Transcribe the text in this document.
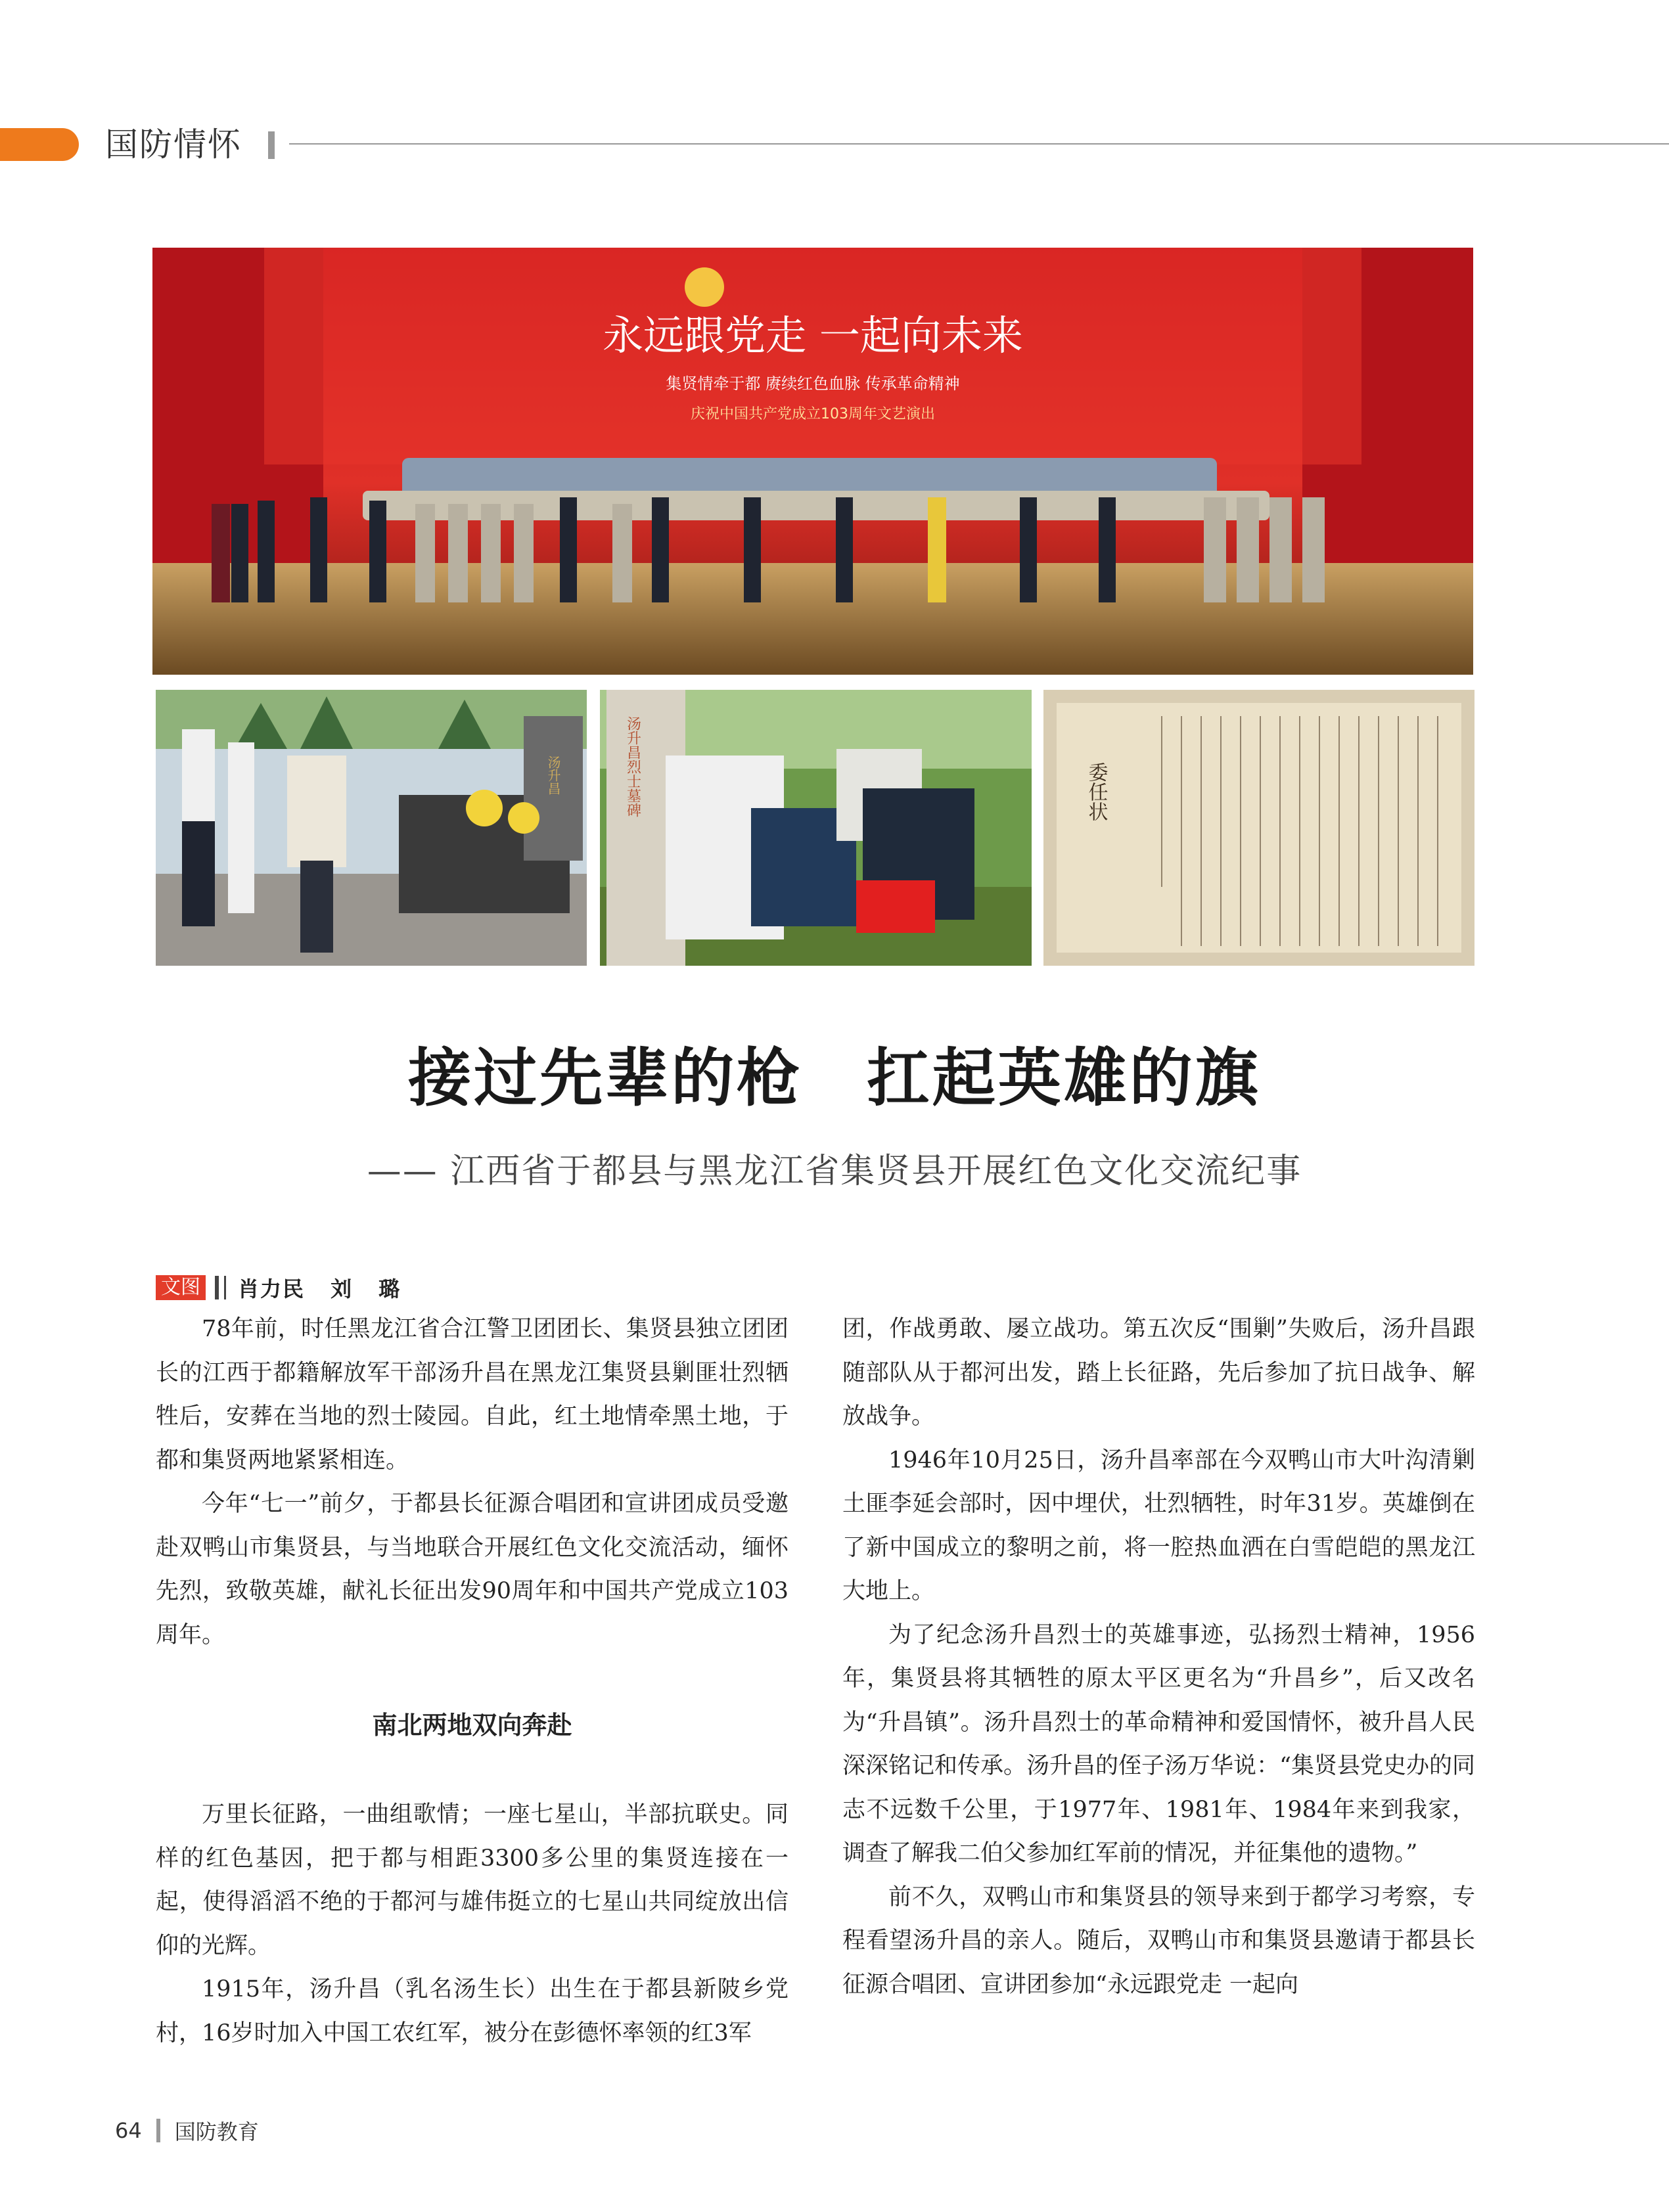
国防情怀
永远跟党走 一起向未来
集贤情牵于都 赓续红色血脉 传承革命精神
庆祝中国共产党成立103周年文艺演出
汤升昌	汤升昌烈士墓碑	委任状
接过先辈的枪 扛起英雄的旗
—— 江西省于都县与黑龙江省集贤县开展红色文化交流纪事
文图 肖力民 刘 璐

78年前，时任黑龙江省合江警卫团团长、集贤县独立团团长的江西于都籍解放军干部汤升昌在黑龙江集贤县剿匪壮烈牺牲后，安葬在当地的烈士陵园。自此，红土地情牵黑土地，于都和集贤两地紧紧相连。

今年“七一”前夕，于都县长征源合唱团和宣讲团成员受邀赴双鸭山市集贤县，与当地联合开展红色文化交流活动，缅怀先烈，致敬英雄，献礼长征出发90周年和中国共产党成立103周年。

南北两地双向奔赴

万里长征路，一曲组歌情；一座七星山，半部抗联史。同样的红色基因，把于都与相距3300多公里的集贤连接在一起，使得滔滔不绝的于都河与雄伟挺立的七星山共同绽放出信仰的光辉。

1915年，汤升昌（乳名汤生长）出生在于都县新陂乡党村，16岁时加入中国工农红军，被分在彭德怀率领的红3军

团，作战勇敢、屡立战功。第五次反“围剿”失败后，汤升昌跟随部队从于都河出发，踏上长征路，先后参加了抗日战争、解放战争。

1946年10月25日，汤升昌率部在今双鸭山市大叶沟清剿土匪李延会部时，因中埋伏，壮烈牺牲，时年31岁。英雄倒在了新中国成立的黎明之前，将一腔热血洒在白雪皑皑的黑龙江大地上。

为了纪念汤升昌烈士的英雄事迹，弘扬烈士精神，1956年，集贤县将其牺牲的原太平区更名为“升昌乡”，后又改名为“升昌镇”。汤升昌烈士的革命精神和爱国情怀，被升昌人民深深铭记和传承。汤升昌的侄子汤万华说：“集贤县党史办的同志不远数千公里，于1977年、1981年、1984年来到我家，调查了解我二伯父参加红军前的情况，并征集他的遗物。”

前不久，双鸭山市和集贤县的领导来到于都学习考察，专程看望汤升昌的亲人。随后，双鸭山市和集贤县邀请于都县长征源合唱团、宣讲团参加“永远跟党走 一起向

64 国防教育
